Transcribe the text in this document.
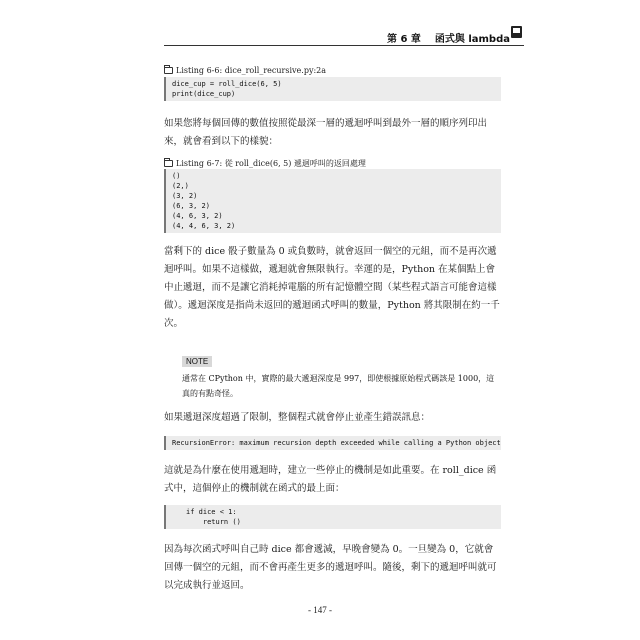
第 6 章 函式與 lambda
Listing 6-6: dice_roll_recursive.py:2a
dice_cup = roll_dice(6, 5)
print(dice_cup)
如果您將每個回傳的數值按照從最深一層的遞迴呼叫到最外一層的順序列印出來，就會看到以下的樣貌：
Listing 6-7: 從 roll_dice(6, 5) 遞迴呼叫的返回處理
()
(2,)
(3, 2)
(6, 3, 2)
(4, 6, 3, 2)
(4, 4, 6, 3, 2)
當剩下的 dice 骰子數量為 0 或負數時，就會返回一個空的元組，而不是再次遞迴呼叫。如果不這樣做，遞迴就會無限執行。幸運的是，Python 在某個點上會中止遞迴，而不是讓它消耗掉電腦的所有記憶體空間（某些程式語言可能會這樣做）。遞迴深度是指尚未返回的遞迴函式呼叫的數量，Python 將其限制在約一千次。
NOTE
通常在 CPython 中，實際的最大遞迴深度是 997，即使根據原始程式碼該是 1000，這真的有點奇怪。
如果遞迴深度超過了限制，整個程式就會停止並產生錯誤訊息：
RecursionError: maximum recursion depth exceeded while calling a Python object
這就是為什麼在使用遞迴時，建立一些停止的機制是如此重要。在 roll_dice 函式中，這個停止的機制就在函式的最上面：
if dice < 1:
return ()
因為每次函式呼叫自己時 dice 都會遞減，早晚會變為 0。一旦變為 0，它就會回傳一個空的元組，而不會再產生更多的遞迴呼叫。隨後，剩下的遞迴呼叫就可以完成執行並返回。
- 147 -
